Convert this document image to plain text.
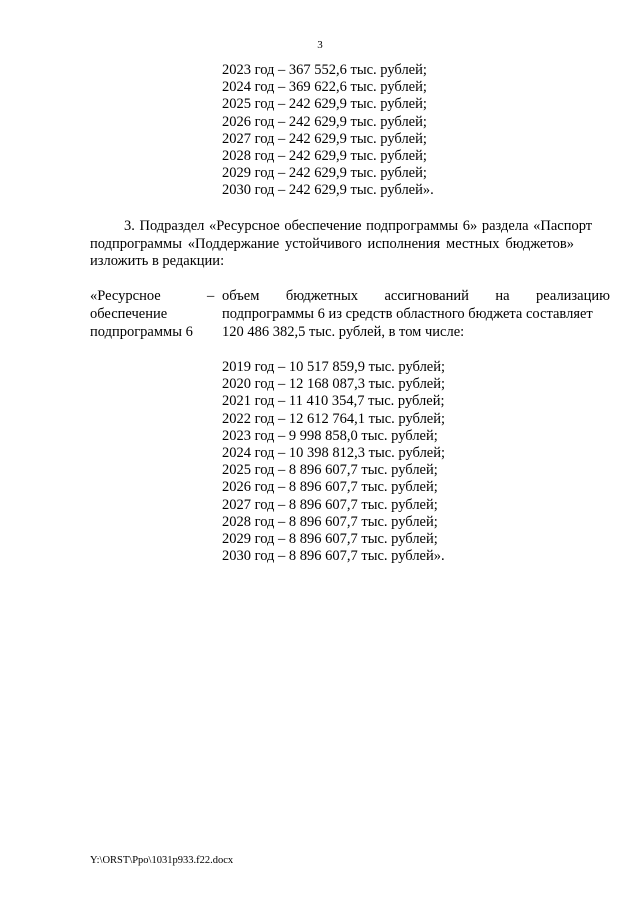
3
2023 год – 367 552,6 тыс. рублей;
2024 год – 369 622,6 тыс. рублей;
2025 год – 242 629,9 тыс. рублей;
2026 год – 242 629,9 тыс. рублей;
2027 год – 242 629,9 тыс. рублей;
2028 год – 242 629,9 тыс. рублей;
2029 год – 242 629,9 тыс. рублей;
2030 год – 242 629,9 тыс. рублей».
3. Подраздел «Ресурсное обеспечение подпрограммы 6» раздела «Паспорт
подпрограммы «Поддержание устойчивого исполнения местных бюджетов»
изложить в редакции:
«Ресурсное
обеспечение
подпрограммы 6
– объем бюджетных ассигнований на реализацию
подпрограммы 6 из средств областного бюджета составляет
120 486 382,5 тыс. рублей, в том числе:
2019 год – 10 517 859,9 тыс. рублей;
2020 год – 12 168 087,3 тыс. рублей;
2021 год – 11 410 354,7 тыс. рублей;
2022 год – 12 612 764,1 тыс. рублей;
2023 год – 9 998 858,0 тыс. рублей;
2024 год – 10 398 812,3 тыс. рублей;
2025 год – 8 896 607,7 тыс. рублей;
2026 год – 8 896 607,7 тыс. рублей;
2027 год – 8 896 607,7 тыс. рублей;
2028 год – 8 896 607,7 тыс. рублей;
2029 год – 8 896 607,7 тыс. рублей;
2030 год – 8 896 607,7 тыс. рублей».
Y:\ORST\Ppo\1031p933.f22.docx
